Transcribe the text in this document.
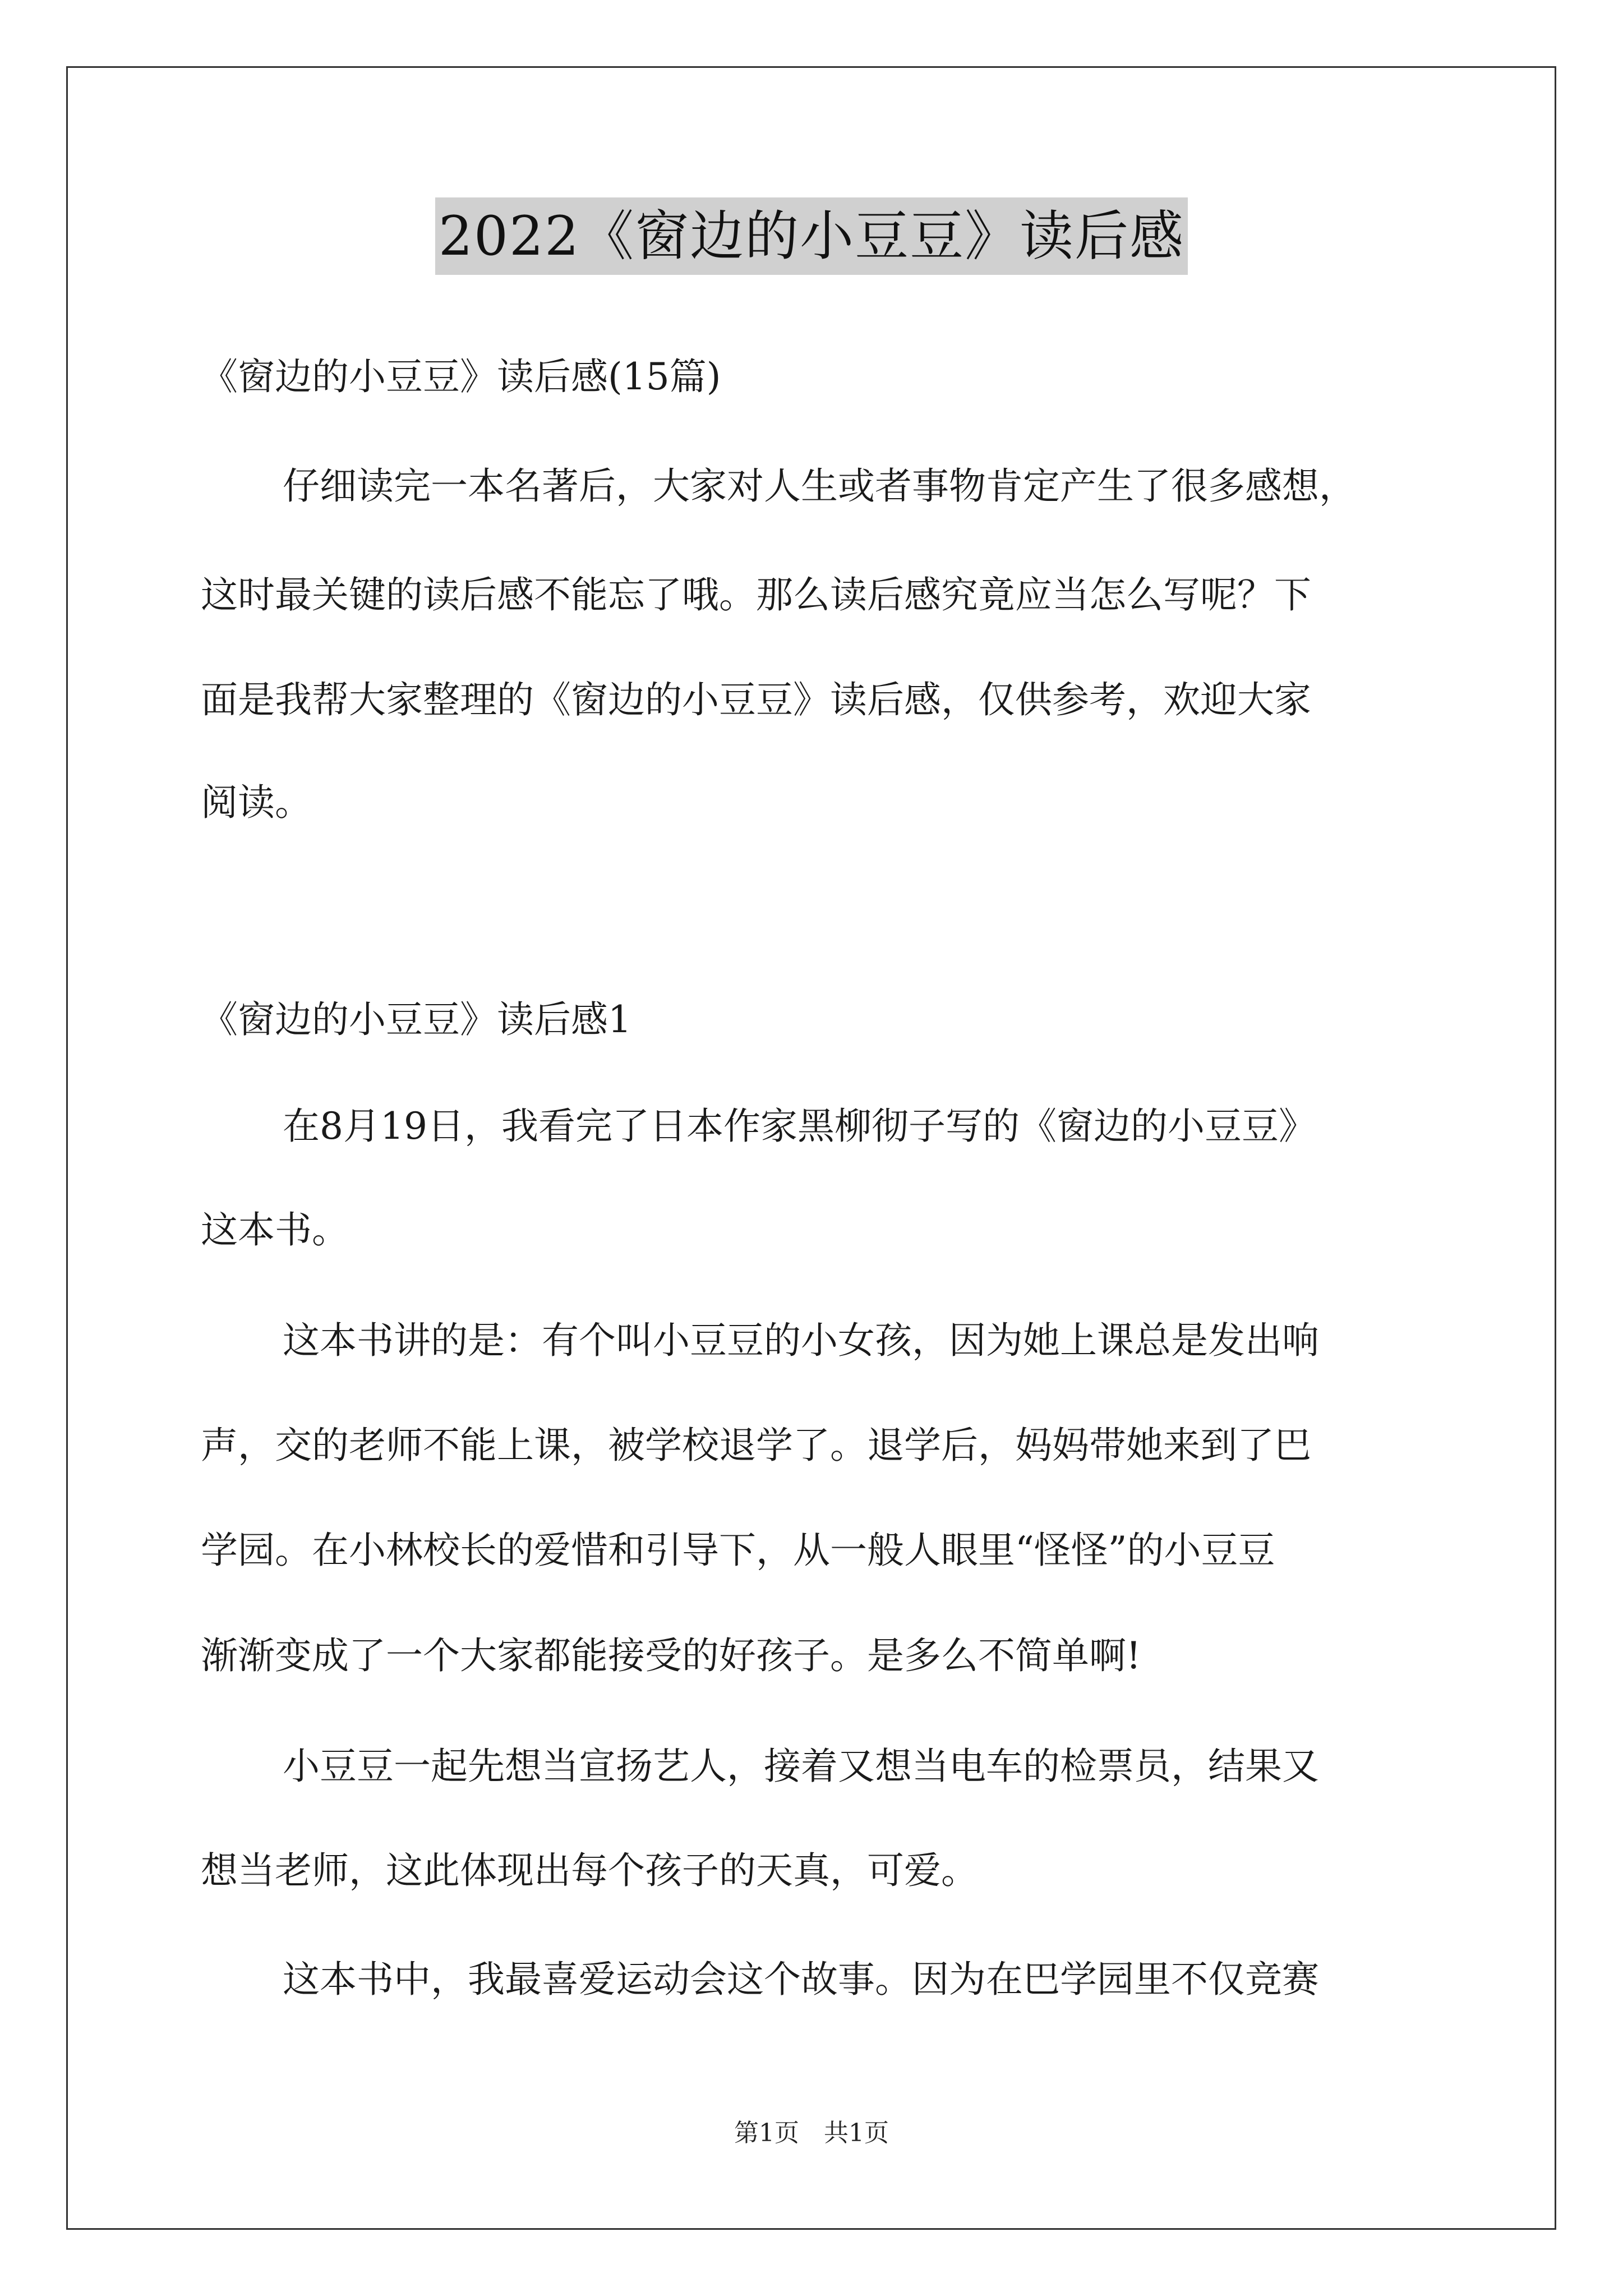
2022《窗边的小豆豆》读后感
《窗边的小豆豆》读后感(15篇)
仔细读完一本名著后，大家对人生或者事物肯定产生了很多感想，
这时最关键的读后感不能忘了哦。那么读后感究竟应当怎么写呢？下
面是我帮大家整理的《窗边的小豆豆》读后感，仅供参考，欢迎大家
阅读。
《窗边的小豆豆》读后感1
在8月19日，我看完了日本作家黑柳彻子写的《窗边的小豆豆》
这本书。
这本书讲的是：有个叫小豆豆的小女孩，因为她上课总是发出响
声，交的老师不能上课，被学校退学了。退学后，妈妈带她来到了巴
学园。在小林校长的爱惜和引导下，从一般人眼里“怪怪”的小豆豆
渐渐变成了一个大家都能接受的好孩子。是多么不简单啊!
小豆豆一起先想当宣扬艺人，接着又想当电车的检票员，结果又
想当老师，这此体现出每个孩子的天真，可爱。
这本书中，我最喜爱运动会这个故事。因为在巴学园里不仅竞赛
第1页　共1页
